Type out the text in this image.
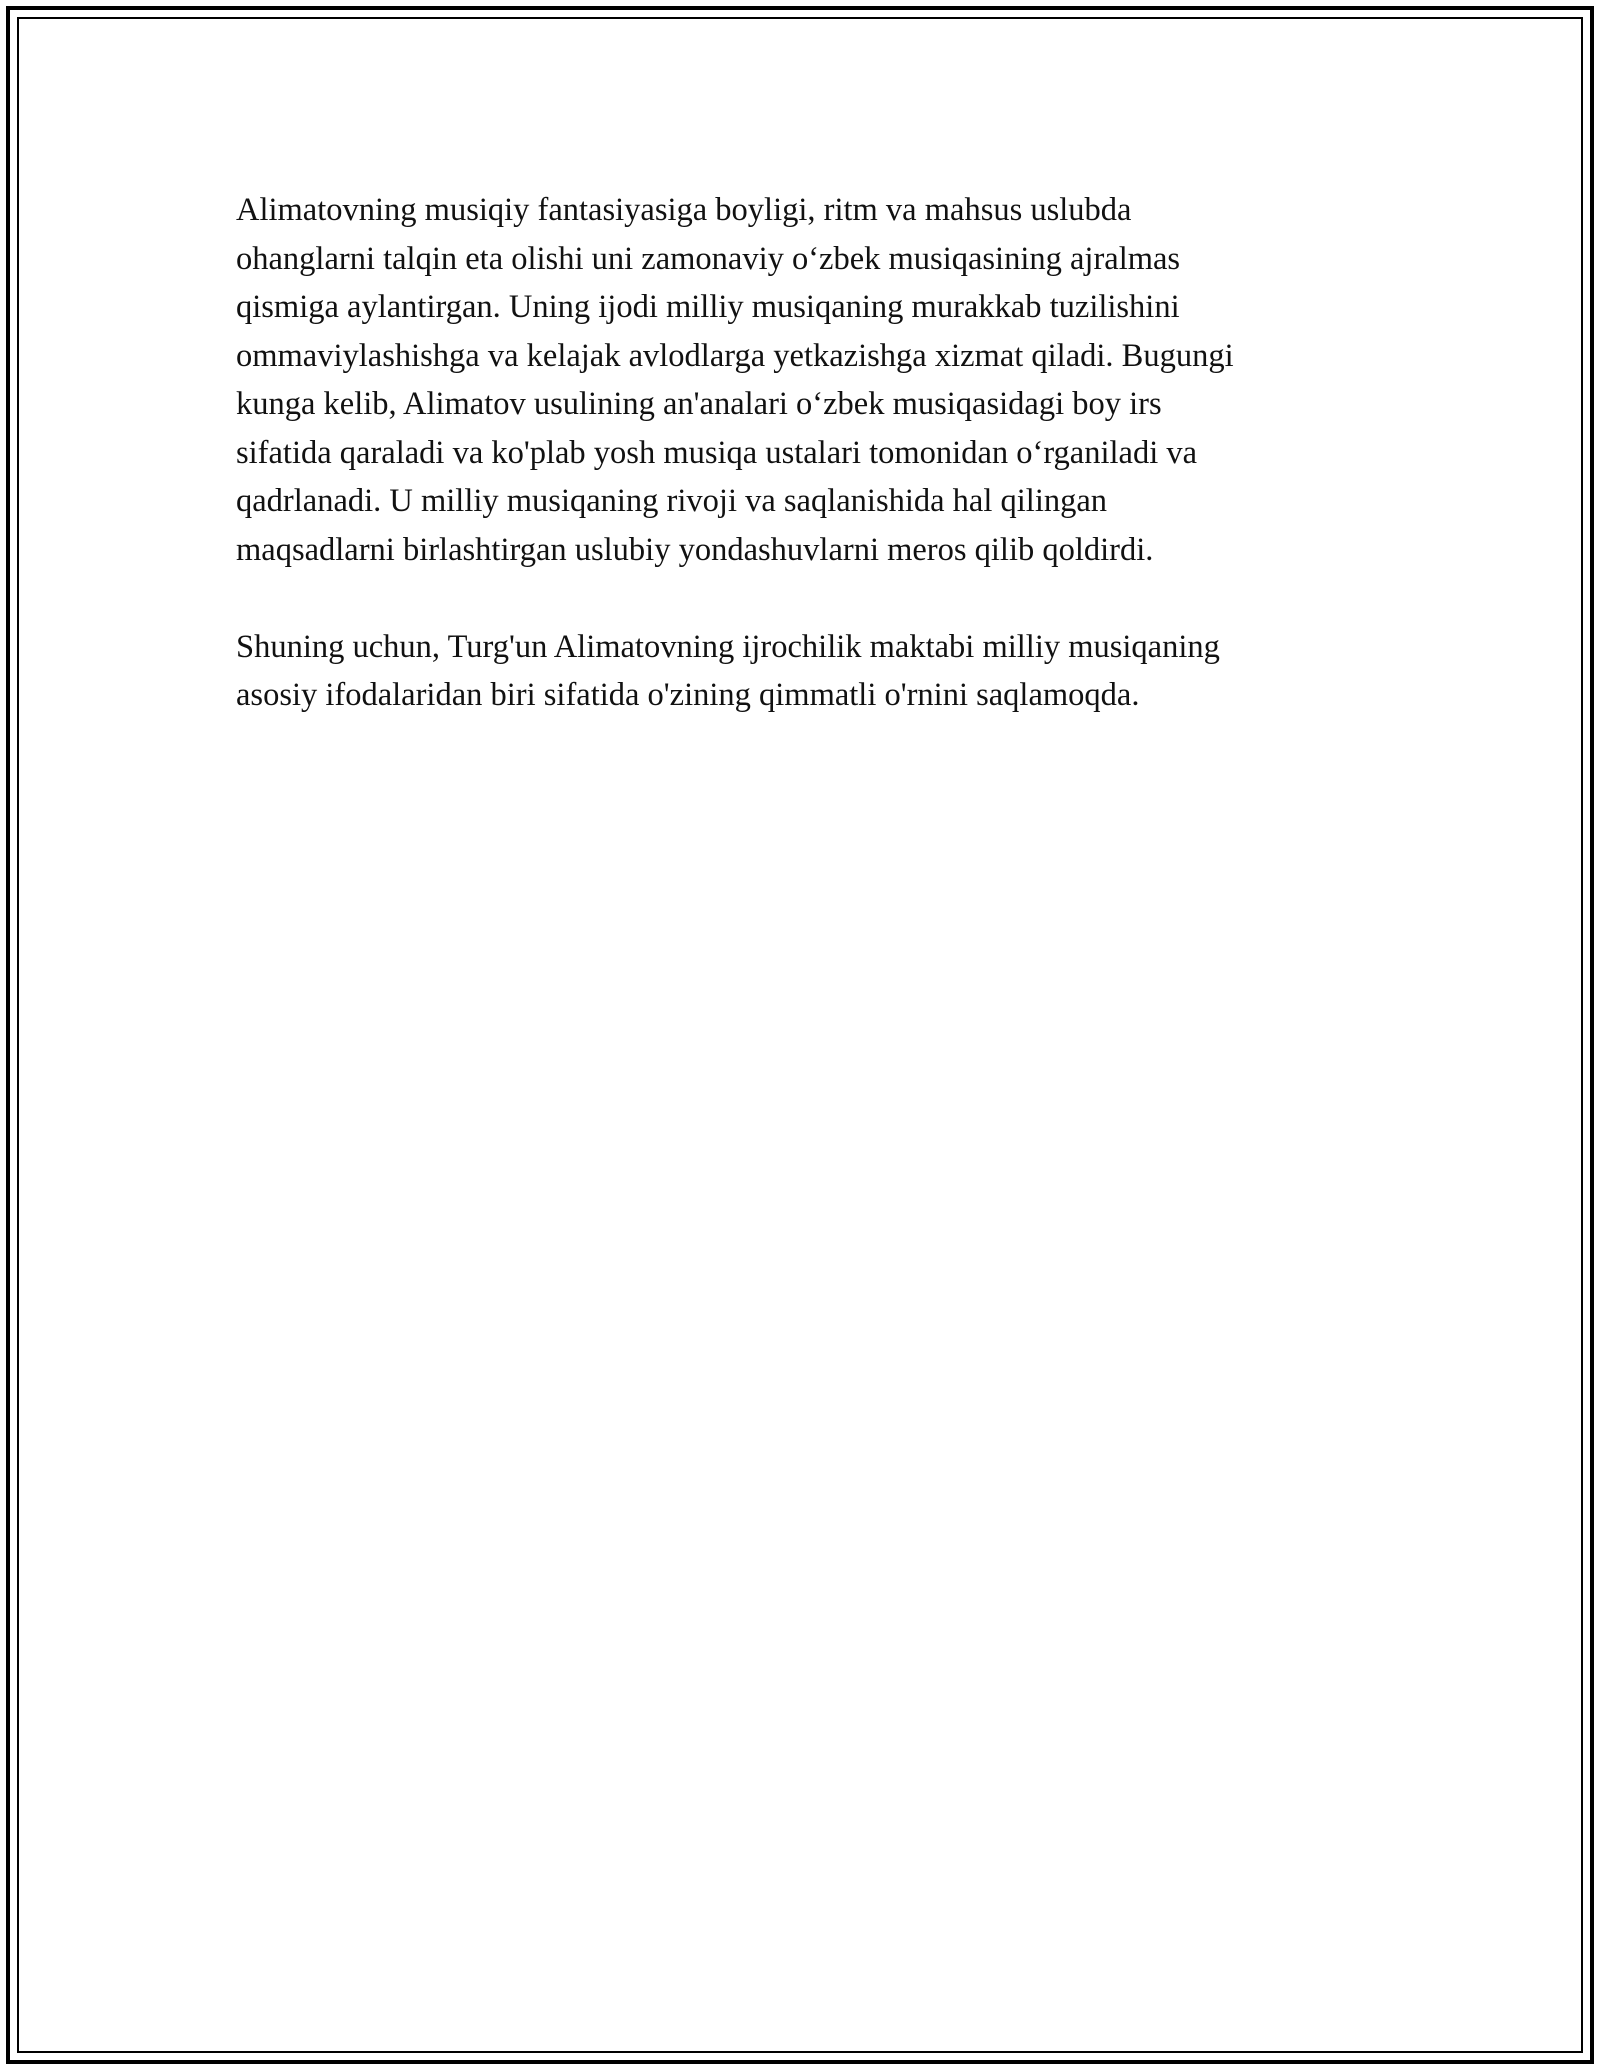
Alimatovning musiqiy fantasiyasiga boyligi, ritm va mahsus uslubda
ohanglarni talqin eta olishi uni zamonaviy o‘zbek musiqasining ajralmas
qismiga aylantirgan. Uning ijodi milliy musiqaning murakkab tuzilishini
ommaviylashishga va kelajak avlodlarga yetkazishga xizmat qiladi. Bugungi
kunga kelib, Alimatov usulining an'analari o‘zbek musiqasidagi boy irs
sifatida qaraladi va ko'plab yosh musiqa ustalari tomonidan o‘rganiladi va
qadrlanadi. U milliy musiqaning rivoji va saqlanishida hal qilingan
maqsadlarni birlashtirgan uslubiy yondashuvlarni meros qilib qoldirdi.

Shuning uchun, Turg'un Alimatovning ijrochilik maktabi milliy musiqaning
asosiy ifodalaridan biri sifatida o'zining qimmatli o'rnini saqlamoqda.
